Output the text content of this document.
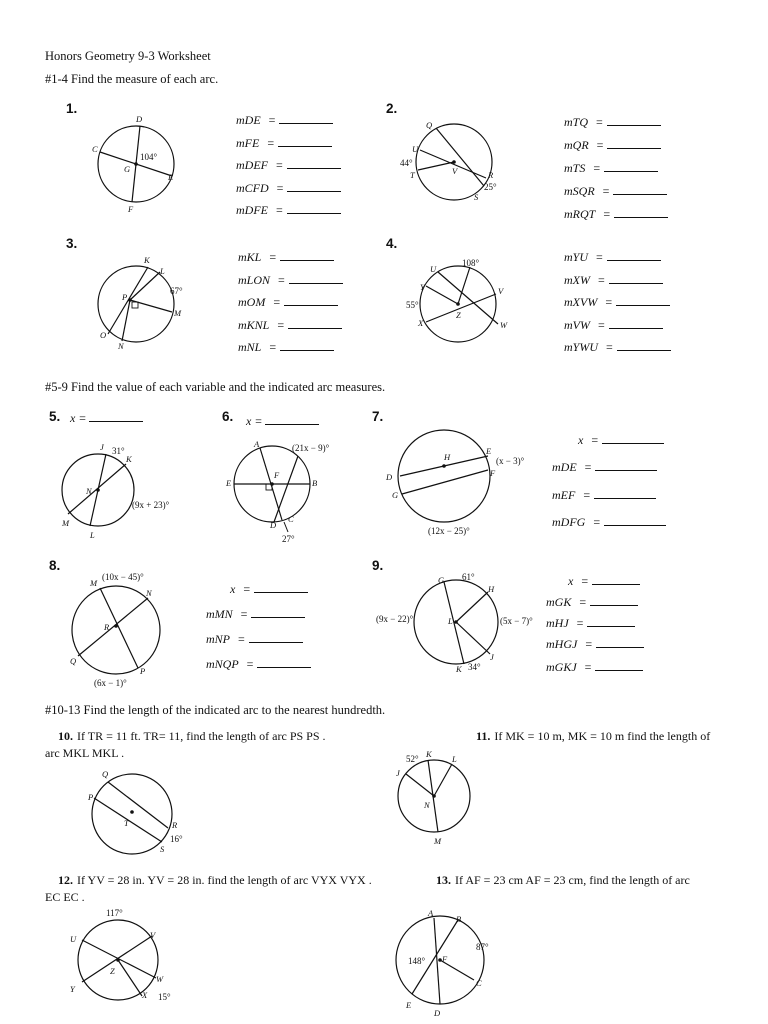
Honors Geometry 9-3 Worksheet
#1-4 Find the measure of each arc.
1.
D
C
G
E
F
104°
mDE =
mFE =
mDEF =
mCFD =
mDFE =
2.
Q
U
T	V	R
S
44°
25°
mTQ =
mQR =
mTS =
mSQR =
mRQT =
3.
K
L
P
M
O
N
67°
mKL =
mLON =
mOM =
mKNL =
mNL =
4.
U
Y
X
Z
V
W
108°
55°
mYU =
mXW =
mXVW =
mVW =
mYWU =
#5-9 Find the value of each variable and the indicated arc measures.
5. x =
J
K
N
M
L
31°
(9x + 23)°
6. x =
A
F
E	B
D
C
(21x − 9)°
27°
7.
D
H
E
F
G
(x − 3)°
(12x − 25)°
x =
mDE =
mEF =
mDFG =
8.
M
N
R
Q
P
(10x − 45)°
(6x − 1)°
x =
mMN =
mNP =
mNQP =
9.
G
H
L
K
J
61°
(9x − 22)°	(5x − 7)°
34°
x =
mGK =
mHJ =
mHGJ =
mGKJ =
#10-13 Find the length of the indicated arc to the nearest hundredth.
10. If TR = 11 ft. TR= 11, find the length of arc PS PS .
Q
P
T	R
S
16°
11. If MK = 10 m, MK = 10 m find the length of
arc MKL MKL .	K L
J
N
M
52°
12. If YV = 28 in. YV = 28 in. find the length of arc VYX VYX .
EC EC .
U	V
Z
Y
W
X
117°
15°
13. If AF = 23 cm AF = 23 cm, find the length of arc
A
B
F
C
E
D
148°
87°
